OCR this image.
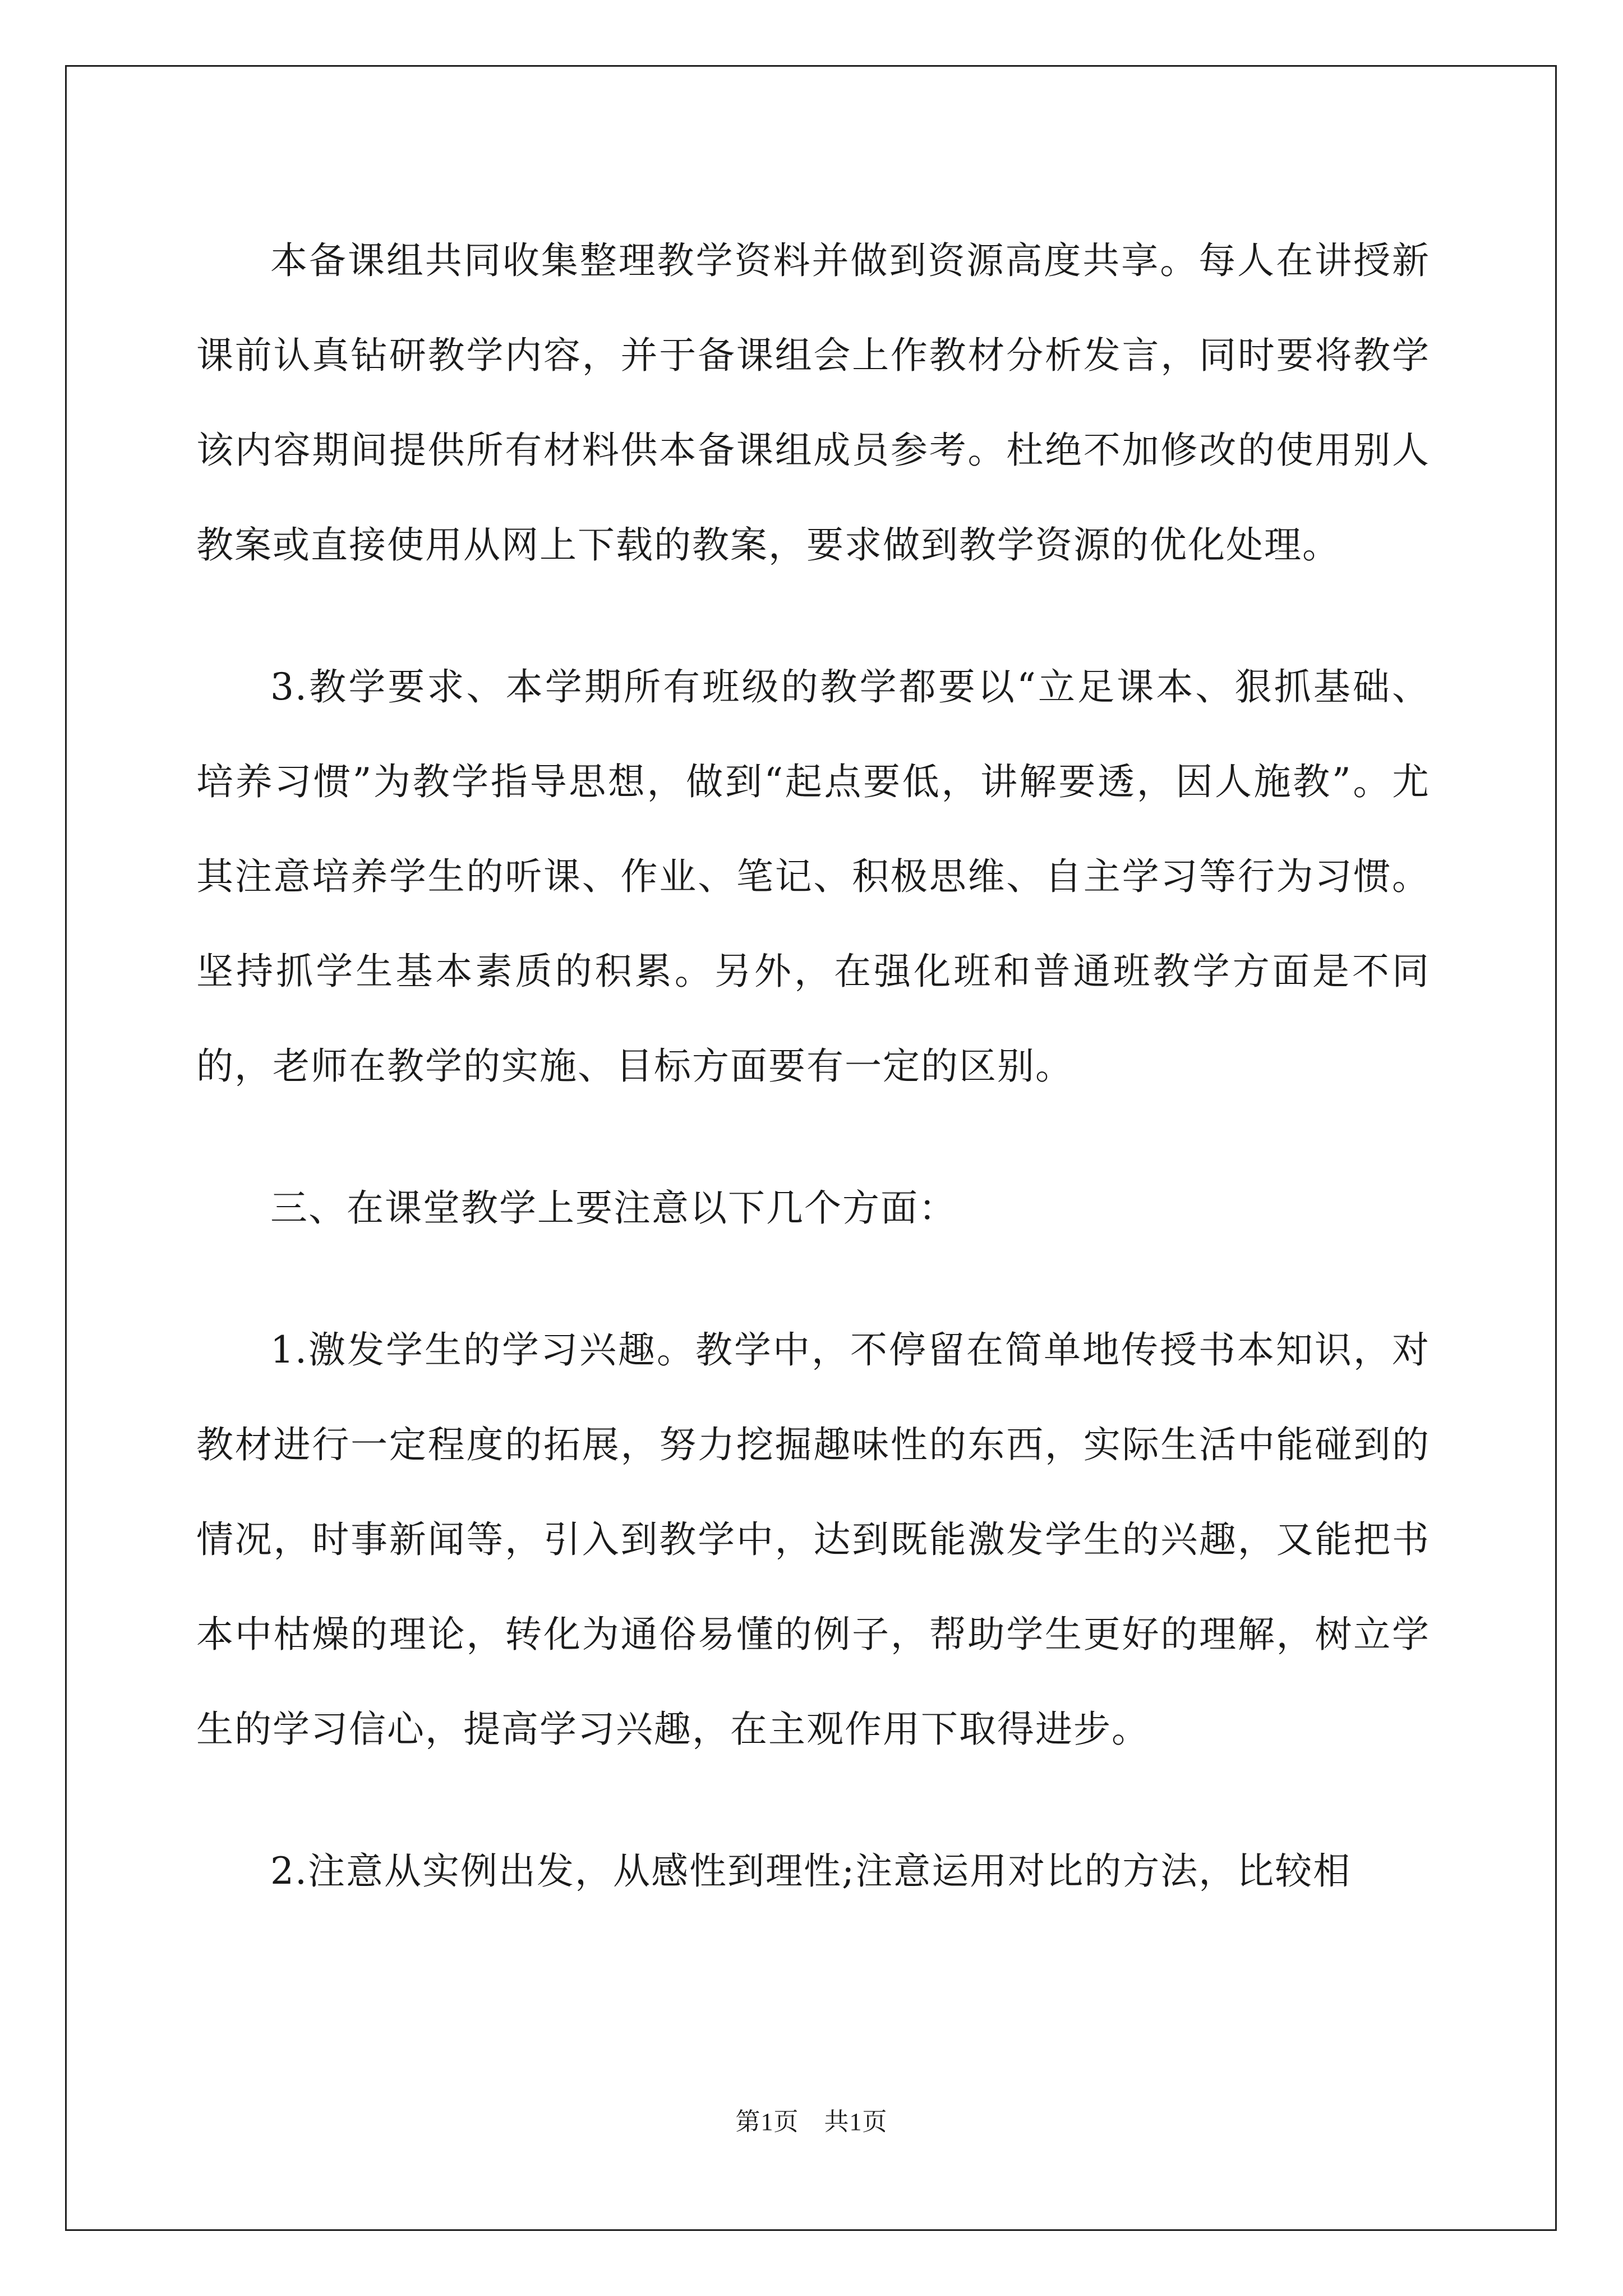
本备课组共同收集整理教学资料并做到资源高度共享。每人在讲授新课前认真钻研教学内容，并于备课组会上作教材分析发言，同时要将教学该内容期间提供所有材料供本备课组成员参考。杜绝不加修改的使用别人教案或直接使用从网上下载的教案，要求做到教学资源的优化处理。

3.教学要求、本学期所有班级的教学都要以“立足课本、狠抓基础、培养习惯”为教学指导思想，做到“起点要低，讲解要透，因人施教”。尤其注意培养学生的听课、作业、笔记、积极思维、自主学习等行为习惯。坚持抓学生基本素质的积累。另外，在强化班和普通班教学方面是不同的，老师在教学的实施、目标方面要有一定的区别。

三、在课堂教学上要注意以下几个方面：

1.激发学生的学习兴趣。教学中，不停留在简单地传授书本知识，对教材进行一定程度的拓展，努力挖掘趣味性的东西，实际生活中能碰到的情况，时事新闻等，引入到教学中，达到既能激发学生的兴趣，又能把书本中枯燥的理论，转化为通俗易懂的例子，帮助学生更好的理解，树立学生的学习信心，提高学习兴趣，在主观作用下取得进步。

2.注意从实例出发，从感性到理性;注意运用对比的方法，比较相

第1页　共1页
